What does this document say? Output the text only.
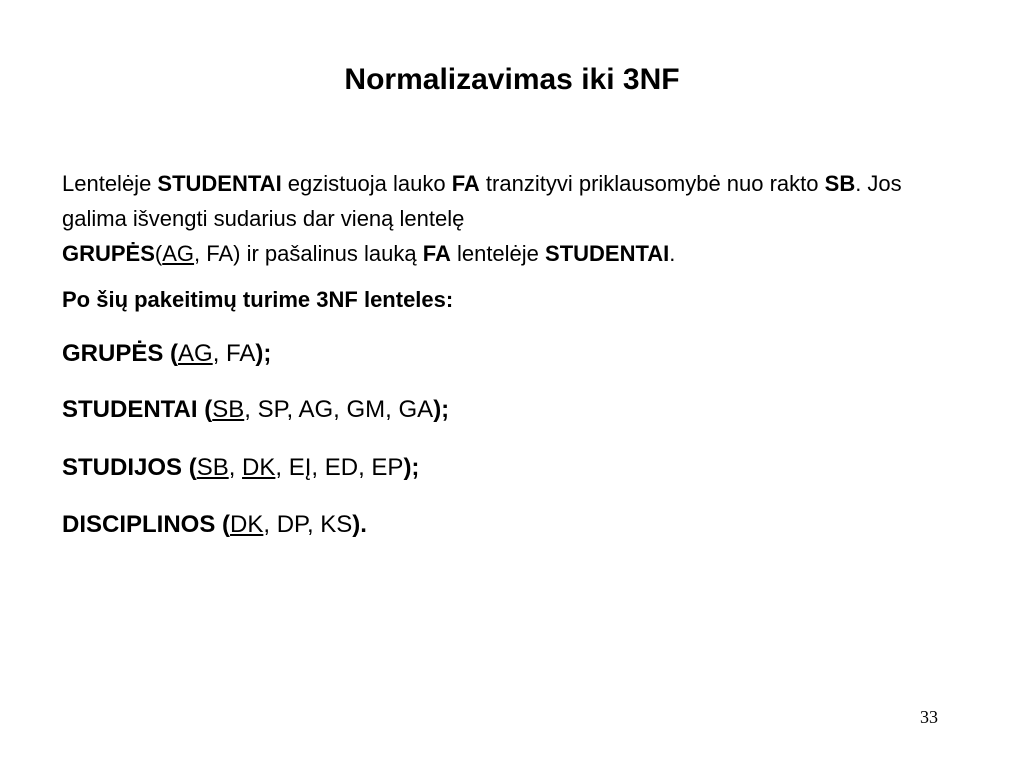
Normalizavimas iki 3NF
Lentelėje STUDENTAI egzistuoja lauko FA tranzityvi priklausomybė nuo rakto SB. Jos galima išvengti sudarius dar vieną lentelę
GRUPĖS(AG, FA) ir pašalinus lauką FA lentelėje STUDENTAI.
Po šių pakeitimų turime 3NF lenteles:
GRUPĖS (AG, FA);
STUDENTAI (SB, SP, AG, GM, GA);
STUDIJOS (SB, DK, EĮ, ED, EP);
DISCIPLINOS (DK, DP, KS).
33
